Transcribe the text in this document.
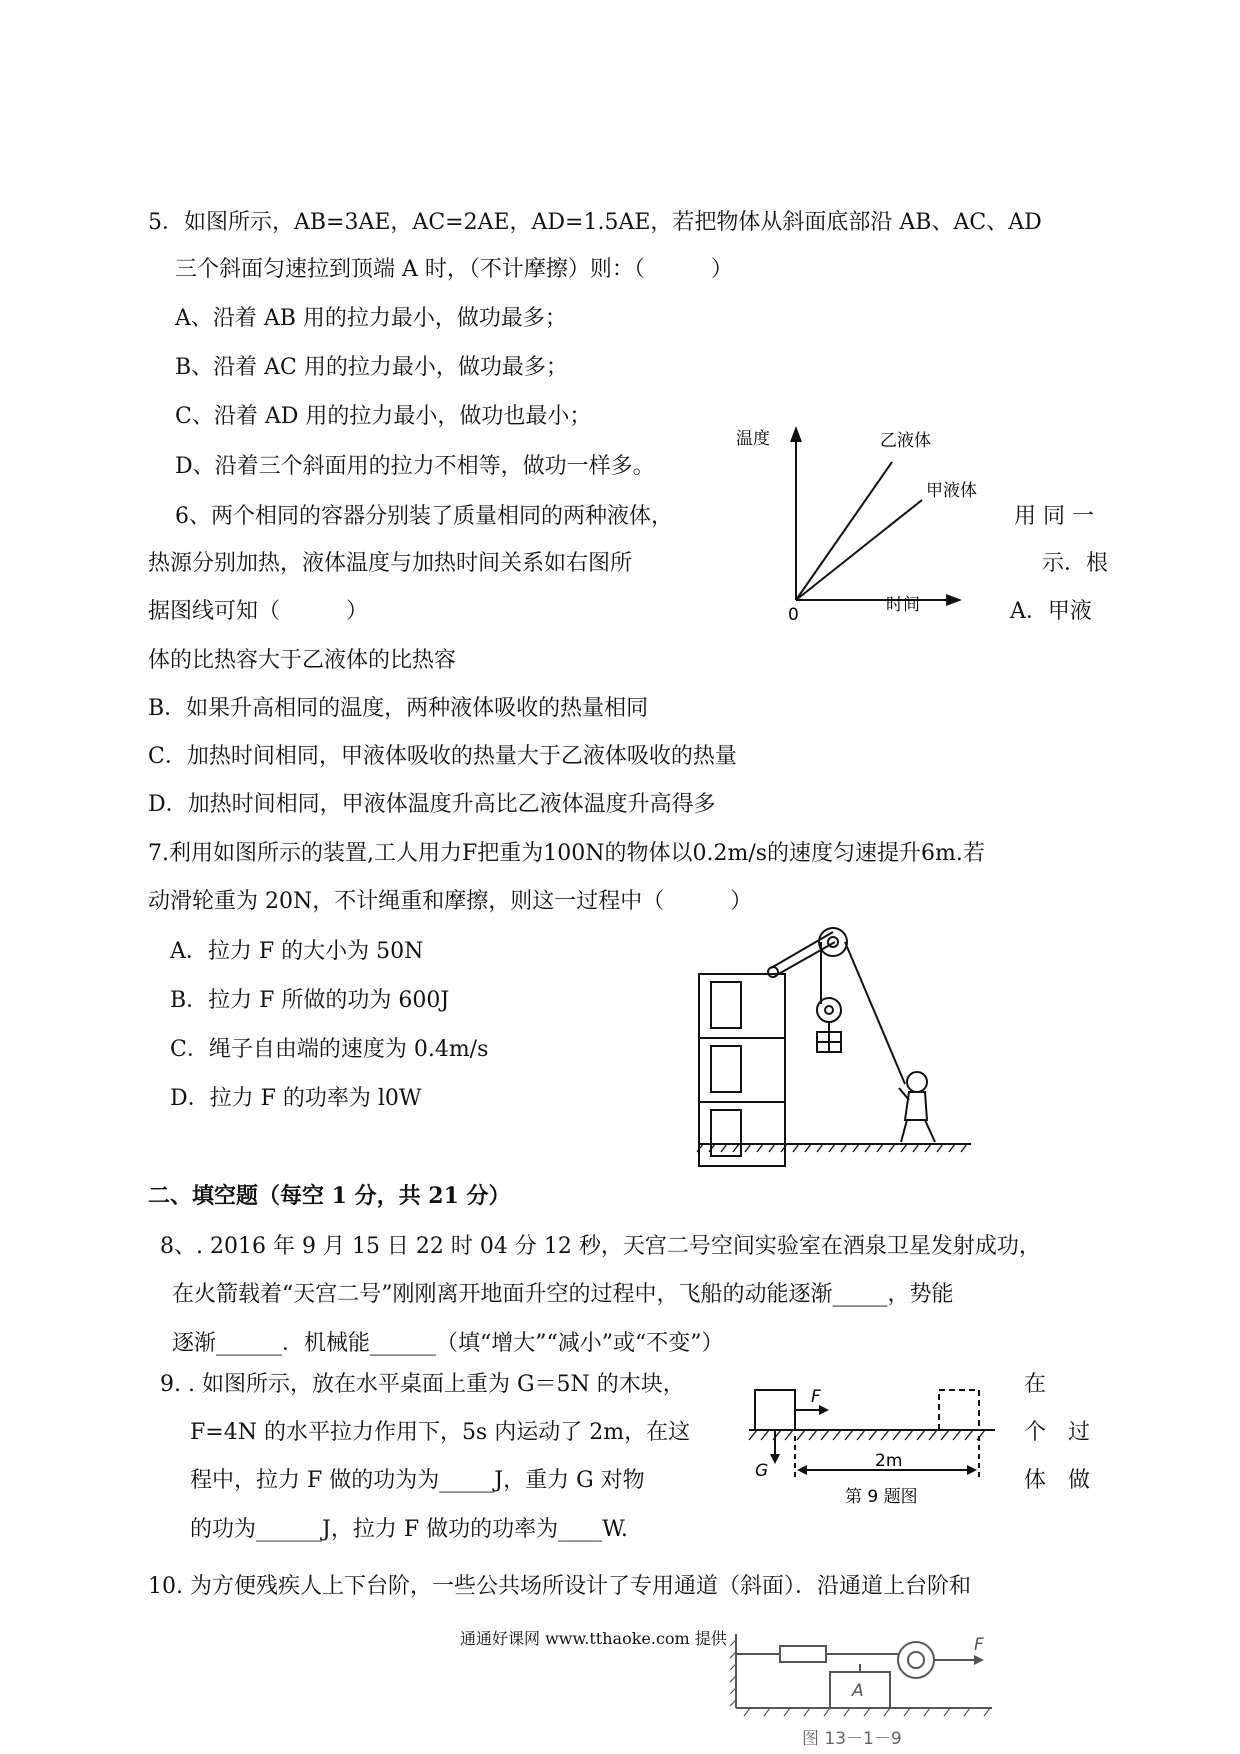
5．如图所示，AB=3AE，AC=2AE，AD=1.5AE，若把物体从斜面底部沿 AB、AC、AD
三个斜面匀速拉到顶端 A 时，（不计摩擦）则：（　　　）
A、沿着 AB 用的拉力最小，做功最多；
B、沿着 AC 用的拉力最小，做功最多；
C、沿着 AD 用的拉力最小，做功也最小；
D、沿着三个斜面用的拉力不相等，做功一样多。
温度
时间
0
乙液体
甲液体
6、两个相同的容器分别装了质量相同的两种液体，	用 同 一
热源分别加热，液体温度与加热时间关系如右图所	示．根
据图线可知（　　　）	A．甲液
体的比热容大于乙液体的比热容
B．如果升高相同的温度，两种液体吸收的热量相同
C．加热时间相同，甲液体吸收的热量大于乙液体吸收的热量
D．加热时间相同，甲液体温度升高比乙液体温度升高得多
7.利用如图所示的装置,工人用力F把重为100N的物体以0.2m/s的速度匀速提升6m.若
动滑轮重为 20N，不计绳重和摩擦，则这一过程中（　　　）
A．拉力 F 的大小为 50N
B．拉力 F 所做的功为 600J
C．绳子自由端的速度为 0.4m/s
D．拉力 F 的功率为 l0W
二、填空题（每空 1 分，共 21 分）
8、. 2016 年 9 月 15 日 22 时 04 分 12 秒，天宫二号空间实验室在酒泉卫星发射成功，
在火箭载着“天宫二号”刚刚离开地面升空的过程中，飞船的动能逐渐_____，势能
逐渐______．机械能______（填“增大”“减小”或“不变”）
9. . 如图所示，放在水平桌面上重为 G＝5N 的木块，	在
F=4N 的水平拉力作用下，5s 内运动了 2m，在这	个　过
程中，拉力 F 做的功为为_____J，重力 G 对物	体　做
的功为______J，拉力 F 做功的功率为____W.
F
G	2m
第 9 题图
10. 为方便残疾人上下台阶，一些公共场所设计了专用通道（斜面）．沿通道上台阶和
通通好课网 www.tthaoke.com 提供
A
F
图 13－1－9
